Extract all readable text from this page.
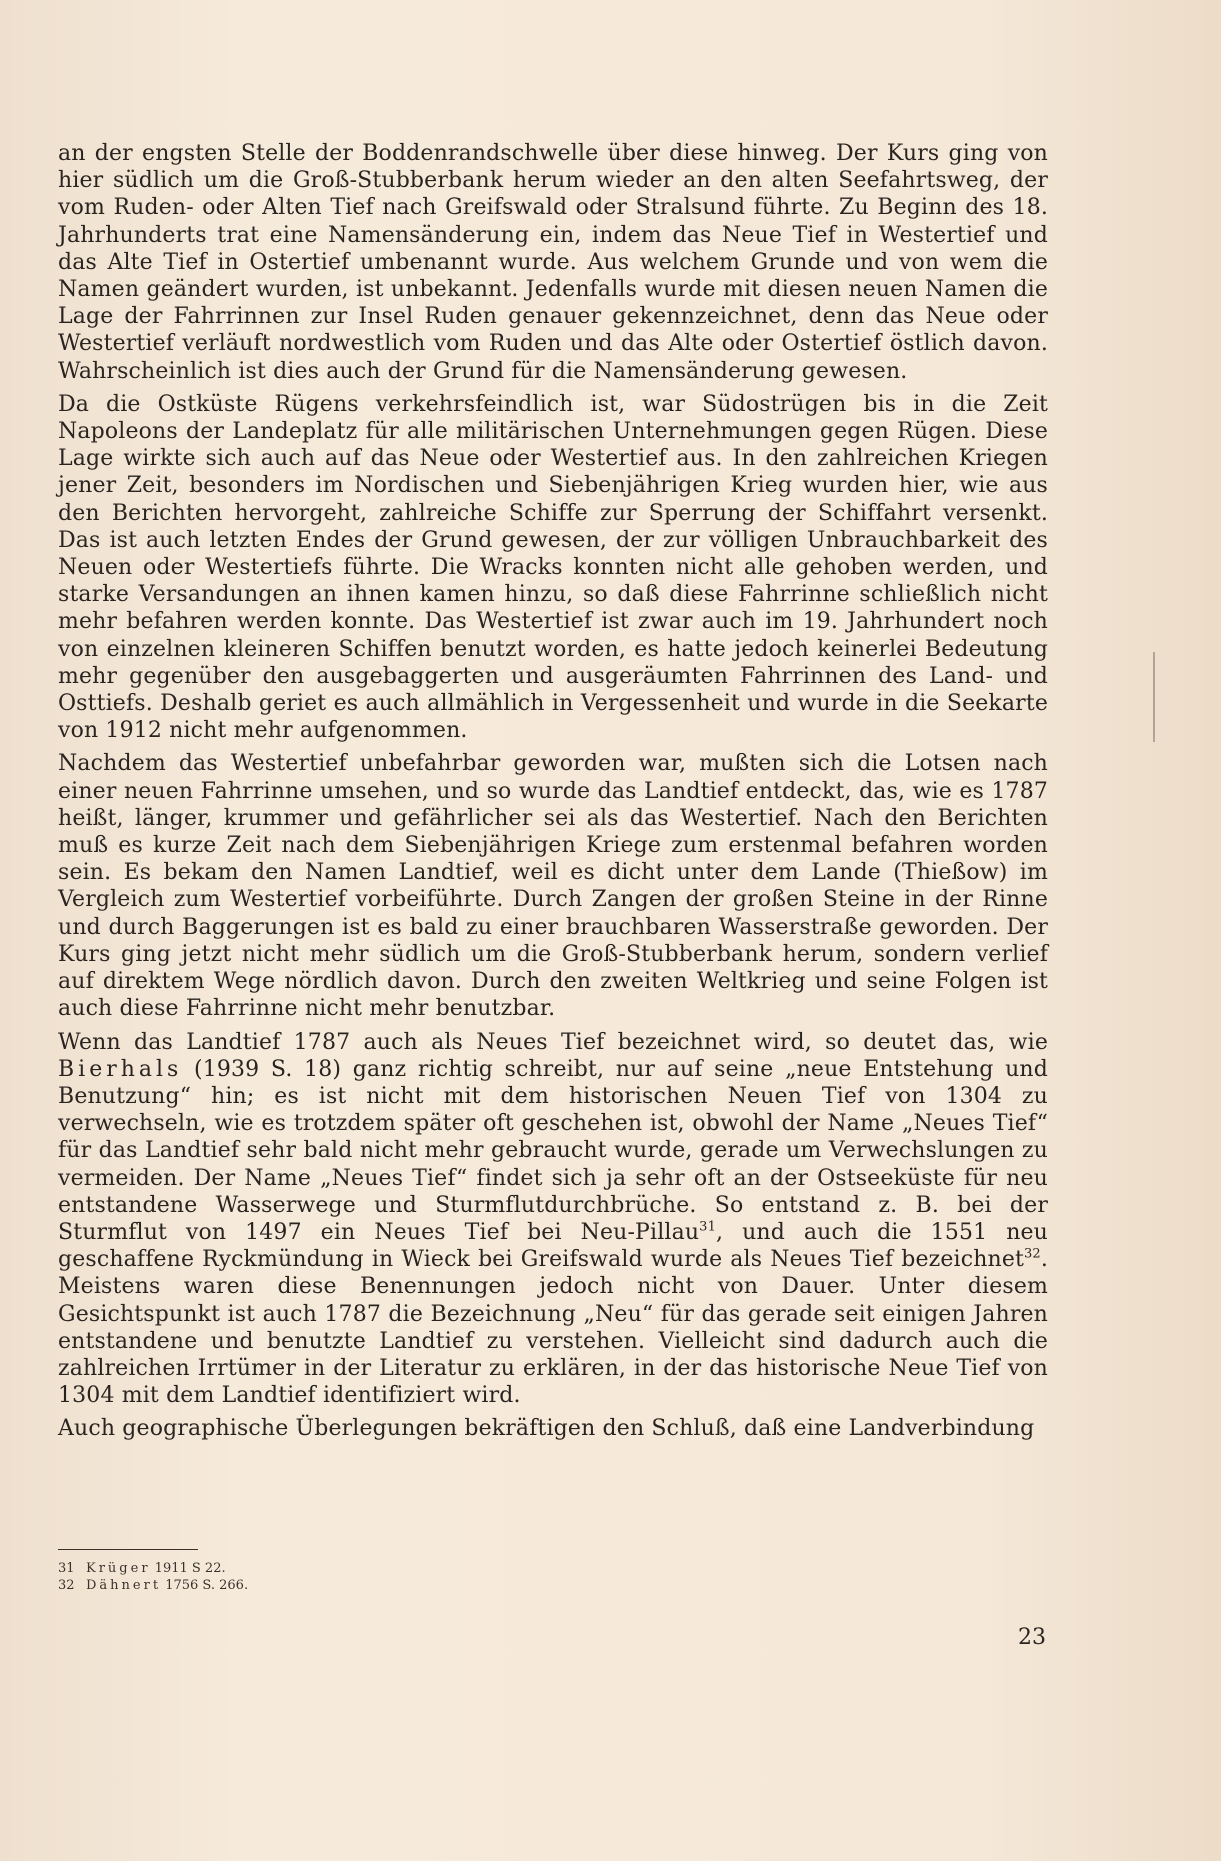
an der engsten Stelle der Boddenrandschwelle über diese hinweg. Der Kurs ging von hier südlich um die Groß-Stubberbank herum wieder an den alten Seefahrtsweg, der vom Ruden- oder Alten Tief nach Greifswald oder Stralsund führte. Zu Beginn des 18. Jahrhunderts trat eine Namensänderung ein, indem das Neue Tief in Westertief und das Alte Tief in Ostertief umbenannt wurde. Aus welchem Grunde und von wem die Namen geändert wurden, ist unbekannt. Jedenfalls wurde mit diesen neuen Namen die Lage der Fahrrinnen zur Insel Ruden genauer gekennzeichnet, denn das Neue oder Westertief verläuft nordwestlich vom Ruden und das Alte oder Ostertief östlich davon. Wahrscheinlich ist dies auch der Grund für die Namensänderung gewesen.

Da die Ostküste Rügens verkehrsfeindlich ist, war Südostrügen bis in die Zeit Napoleons der Landeplatz für alle militärischen Unternehmungen gegen Rügen. Diese Lage wirkte sich auch auf das Neue oder Westertief aus. In den zahlreichen Kriegen jener Zeit, besonders im Nordischen und Siebenjährigen Krieg wurden hier, wie aus den Berichten hervorgeht, zahlreiche Schiffe zur Sperrung der Schiffahrt versenkt. Das ist auch letzten Endes der Grund gewesen, der zur völligen Unbrauchbarkeit des Neuen oder Westertiefs führte. Die Wracks konnten nicht alle gehoben werden, und starke Versandungen an ihnen kamen hinzu, so daß diese Fahrrinne schließlich nicht mehr befahren werden konnte. Das Westertief ist zwar auch im 19. Jahrhundert noch von einzelnen kleineren Schiffen benutzt worden, es hatte jedoch keinerlei Bedeutung mehr gegenüber den ausgebaggerten und ausgeräumten Fahrrinnen des Land- und Osttiefs. Deshalb geriet es auch allmählich in Vergessenheit und wurde in die Seekarte von 1912 nicht mehr aufgenommen.

Nachdem das Westertief unbefahrbar geworden war, mußten sich die Lotsen nach einer neuen Fahrrinne umsehen, und so wurde das Landtief entdeckt, das, wie es 1787 heißt, länger, krummer und gefährlicher sei als das Westertief. Nach den Berichten muß es kurze Zeit nach dem Siebenjährigen Kriege zum erstenmal befahren worden sein. Es bekam den Namen Landtief, weil es dicht unter dem Lande (Thießow) im Vergleich zum Westertief vorbeiführte. Durch Zangen der großen Steine in der Rinne und durch Baggerungen ist es bald zu einer brauchbaren Wasserstraße geworden. Der Kurs ging jetzt nicht mehr südlich um die Groß-Stubberbank herum, sondern verlief auf direktem Wege nördlich davon. Durch den zweiten Weltkrieg und seine Folgen ist auch diese Fahrrinne nicht mehr benutzbar.

Wenn das Landtief 1787 auch als Neues Tief bezeichnet wird, so deutet das, wie Bierhals (1939 S. 18) ganz richtig schreibt, nur auf seine „neue Entstehung und Benutzung“ hin; es ist nicht mit dem historischen Neuen Tief von 1304 zu verwechseln, wie es trotzdem später oft geschehen ist, obwohl der Name „Neues Tief“ für das Landtief sehr bald nicht mehr gebraucht wurde, gerade um Verwechslungen zu vermeiden. Der Name „Neues Tief“ findet sich ja sehr oft an der Ostseeküste für neu entstandene Wasserwege und Sturmflutdurchbrüche. So entstand z. B. bei der Sturmflut von 1497 ein Neues Tief bei Neu-Pillau$^{31}$, und auch die 1551 neu geschaffene Ryckmündung in Wieck bei Greifswald wurde als Neues Tief bezeichnet$^{32}$. Meistens waren diese Benennungen jedoch nicht von Dauer. Unter diesem Gesichtspunkt ist auch 1787 die Bezeichnung „Neu“ für das gerade seit einigen Jahren entstandene und benutzte Landtief zu verstehen. Vielleicht sind dadurch auch die zahlreichen Irrtümer in der Literatur zu erklären, in der das historische Neue Tief von 1304 mit dem Landtief identifiziert wird.

Auch geographische Überlegungen bekräftigen den Schluß, daß eine Landverbindung

31 Krüger 1911 S 22.

32 Dähnert 1756 S. 266.

23
